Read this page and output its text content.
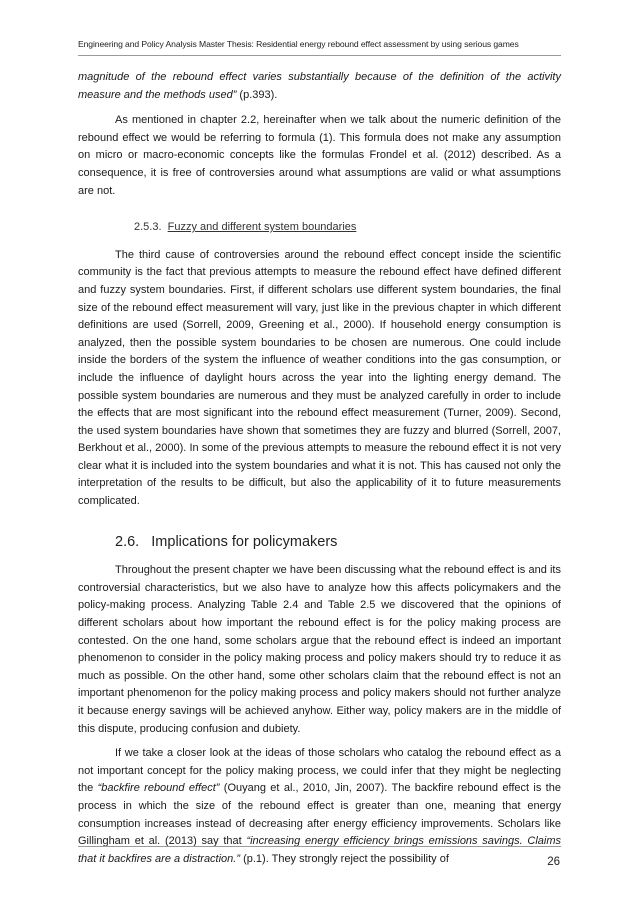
Engineering and Policy Analysis Master Thesis: Residential energy rebound effect assessment by using serious games

magnitude of the rebound effect varies substantially because of the definition of the activity measure and the methods used” (p.393).

As mentioned in chapter 2.2, hereinafter when we talk about the numeric definition of the rebound effect we would be referring to formula (1). This formula does not make any assumption on micro or macro-economic concepts like the formulas Frondel et al. (2012) described. As a consequence, it is free of controversies around what assumptions are valid or what assumptions are not.

2.5.3. Fuzzy and different system boundaries

The third cause of controversies around the rebound effect concept inside the scientific community is the fact that previous attempts to measure the rebound effect have defined different and fuzzy system boundaries. First, if different scholars use different system boundaries, the final size of the rebound effect measurement will vary, just like in the previous chapter in which different definitions are used (Sorrell, 2009, Greening et al., 2000). If household energy consumption is analyzed, then the possible system boundaries to be chosen are numerous. One could include inside the borders of the system the influence of weather conditions into the gas consumption, or include the influence of daylight hours across the year into the lighting energy demand. The possible system boundaries are numerous and they must be analyzed carefully in order to include the effects that are most significant into the rebound effect measurement (Turner, 2009). Second, the used system boundaries have shown that sometimes they are fuzzy and blurred (Sorrell, 2007, Berkhout et al., 2000). In some of the previous attempts to measure the rebound effect it is not very clear what it is included into the system boundaries and what it is not. This has caused not only the interpretation of the results to be difficult, but also the applicability of it to future measurements complicated.

2.6. Implications for policymakers

Throughout the present chapter we have been discussing what the rebound effect is and its controversial characteristics, but we also have to analyze how this affects policymakers and the policy-making process. Analyzing Table 2.4 and Table 2.5 we discovered that the opinions of different scholars about how important the rebound effect is for the policy making process are contested. On the one hand, some scholars argue that the rebound effect is indeed an important phenomenon to consider in the policy making process and policy makers should try to reduce it as much as possible. On the other hand, some other scholars claim that the rebound effect is not an important phenomenon for the policy making process and policy makers should not further analyze it because energy savings will be achieved anyhow. Either way, policy makers are in the middle of this dispute, producing confusion and dubiety.

If we take a closer look at the ideas of those scholars who catalog the rebound effect as a not important concept for the policy making process, we could infer that they might be neglecting the “backfire rebound effect” (Ouyang et al., 2010, Jin, 2007). The backfire rebound effect is the process in which the size of the rebound effect is greater than one, meaning that energy consumption increases instead of decreasing after energy efficiency improvements. Scholars like Gillingham et al. (2013) say that “increasing energy efficiency brings emissions savings. Claims that it backfires are a distraction.” (p.1). They strongly reject the possibility of	26
